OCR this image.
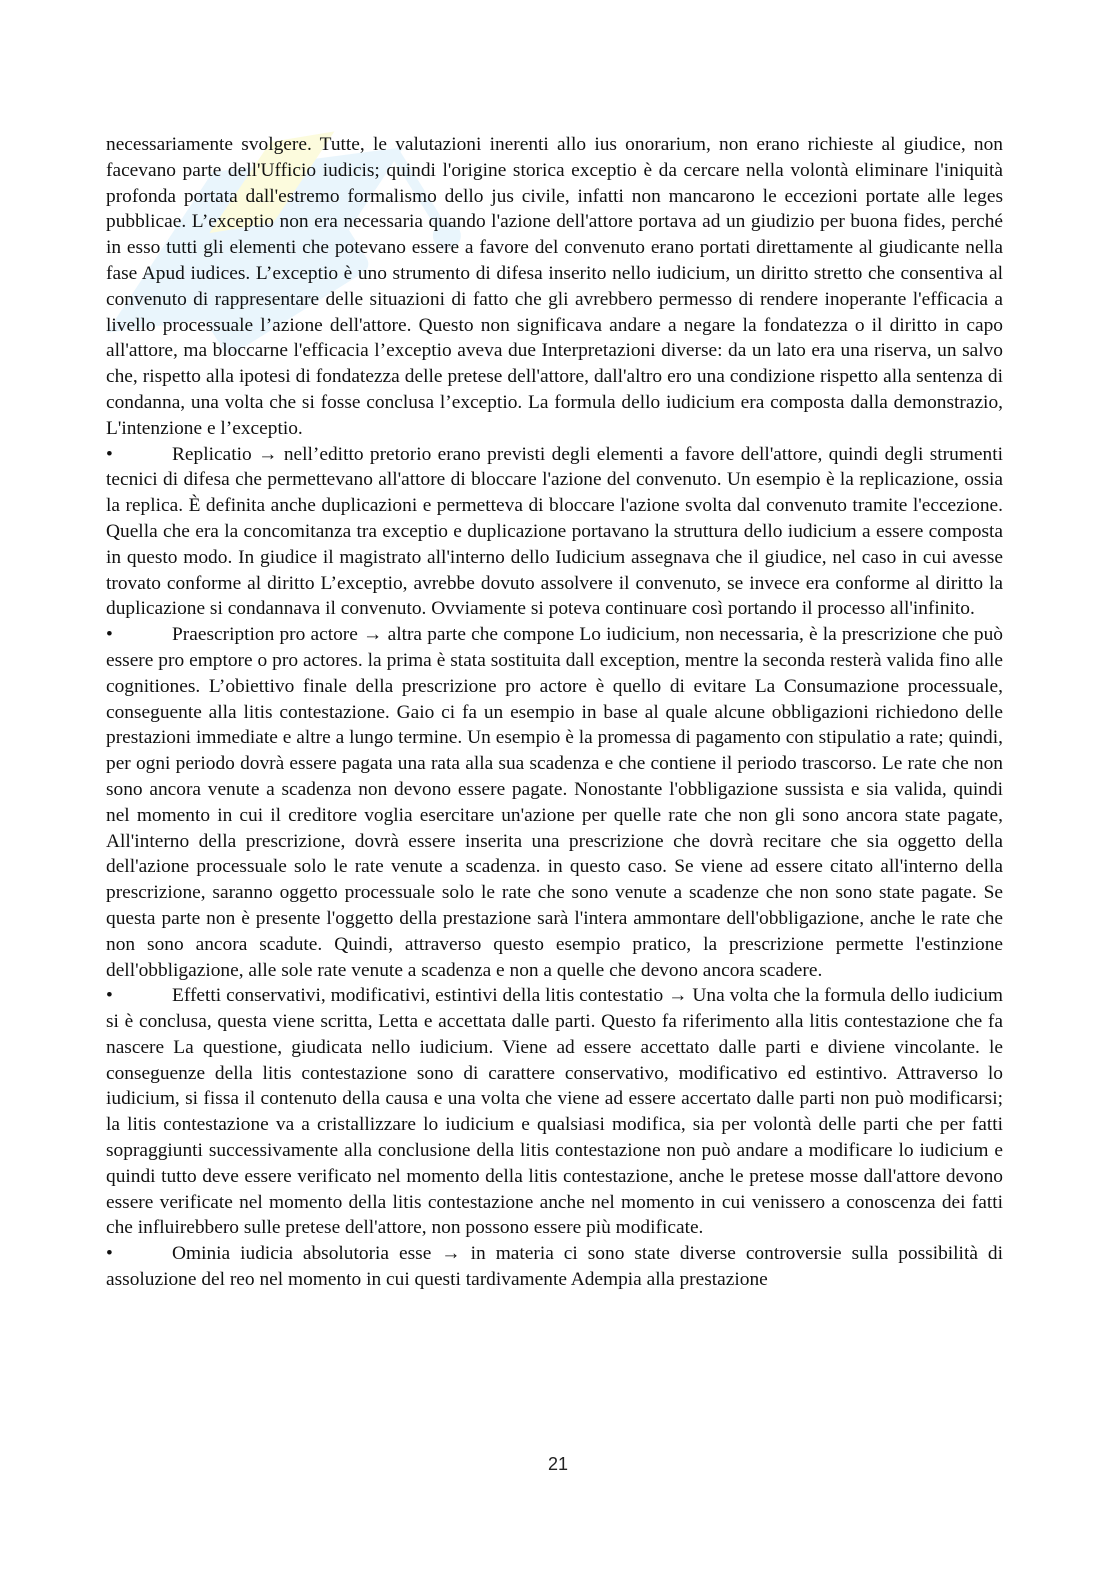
necessariamente svolgere. Tutte, le valutazioni inerenti allo ius onorarium, non erano richieste al giudice, non facevano parte dell'Ufficio iudicis; quindi l'origine storica exceptio è da cercare nella volontà eliminare l'iniquità profonda portata dall'estremo formalismo dello jus civile, infatti non mancarono le eccezioni portate alle leges pubblicae. L’exceptio non era necessaria quando l'azione dell'attore portava ad un giudizio per buona fides, perché in esso tutti gli elementi che potevano essere a favore del convenuto erano portati direttamente al giudicante nella fase Apud iudices. L’exceptio è uno strumento di difesa inserito nello iudicium, un diritto stretto che consentiva al convenuto di rappresentare delle situazioni di fatto che gli avrebbero permesso di rendere inoperante l'efficacia a livello processuale l’azione dell'attore. Questo non significava andare a negare la fondatezza o il diritto in capo all'attore, ma bloccarne l'efficacia l’exceptio aveva due Interpretazioni diverse: da un lato era una riserva, un salvo che, rispetto alla ipotesi di fondatezza delle pretese dell'attore, dall'altro ero una condizione rispetto alla sentenza di condanna, una volta che si fosse conclusa l’exceptio. La formula dello iudicium era composta dalla demonstrazio, L'intenzione e l’exceptio.

•	Replicatio → nell’editto pretorio erano previsti degli elementi a favore dell'attore, quindi degli strumenti tecnici di difesa che permettevano all'attore di bloccare l'azione del convenuto. Un esempio è la replicazione, ossia la replica. È definita anche duplicazioni e permetteva di bloccare l'azione svolta dal convenuto tramite l'eccezione. Quella che era la concomitanza tra exceptio e duplicazione portavano la struttura dello iudicium a essere composta in questo modo. In giudice il magistrato all'interno dello Iudicium assegnava che il giudice, nel caso in cui avesse trovato conforme al diritto L’exceptio, avrebbe dovuto assolvere il convenuto, se invece era conforme al diritto la duplicazione si condannava il convenuto. Ovviamente si poteva continuare così portando il processo all'infinito.

•	Praescription pro actore → altra parte che compone Lo iudicium, non necessaria, è la prescrizione che può essere pro emptore o pro actores. la prima è stata sostituita dall exception, mentre la seconda resterà valida fino alle cognitiones. L’obiettivo finale della prescrizione pro actore è quello di evitare La Consumazione processuale, conseguente alla litis contestazione. Gaio ci fa un esempio in base al quale alcune obbligazioni richiedono delle prestazioni immediate e altre a lungo termine. Un esempio è la promessa di pagamento con stipulatio a rate; quindi, per ogni periodo dovrà essere pagata una rata alla sua scadenza e che contiene il periodo trascorso. Le rate che non sono ancora venute a scadenza non devono essere pagate. Nonostante l'obbligazione sussista e sia valida, quindi nel momento in cui il creditore voglia esercitare un'azione per quelle rate che non gli sono ancora state pagate, All'interno della prescrizione, dovrà essere inserita una prescrizione che dovrà recitare che sia oggetto della dell'azione processuale solo le rate venute a scadenza. in questo caso. Se viene ad essere citato all'interno della prescrizione, saranno oggetto processuale solo le rate che sono venute a scadenze che non sono state pagate. Se questa parte non è presente l'oggetto della prestazione sarà l'intera ammontare dell'obbligazione, anche le rate che non sono ancora scadute. Quindi, attraverso questo esempio pratico, la prescrizione permette l'estinzione dell'obbligazione, alle sole rate venute a scadenza e non a quelle che devono ancora scadere.

•	Effetti conservativi, modificativi, estintivi della litis contestatio → Una volta che la formula dello iudicium si è conclusa, questa viene scritta, Letta e accettata dalle parti. Questo fa riferimento alla litis contestazione che fa nascere La questione, giudicata nello iudicium. Viene ad essere accettato dalle parti e diviene vincolante. le conseguenze della litis contestazione sono di carattere conservativo, modificativo ed estintivo. Attraverso lo iudicium, si fissa il contenuto della causa e una volta che viene ad essere accertato dalle parti non può modificarsi; la litis contestazione va a cristallizzare lo iudicium e qualsiasi modifica, sia per volontà delle parti che per fatti sopraggiunti successivamente alla conclusione della litis contestazione non può andare a modificare lo iudicium e quindi tutto deve essere verificato nel momento della litis contestazione, anche le pretese mosse dall'attore devono essere verificate nel momento della litis contestazione anche nel momento in cui venissero a conoscenza dei fatti che influirebbero sulle pretese dell'attore, non possono essere più modificate.

•	Ominia iudicia absolutoria esse → in materia ci sono state diverse controversie sulla possibilità di assoluzione del reo nel momento in cui questi tardivamente Adempia alla prestazione

21
